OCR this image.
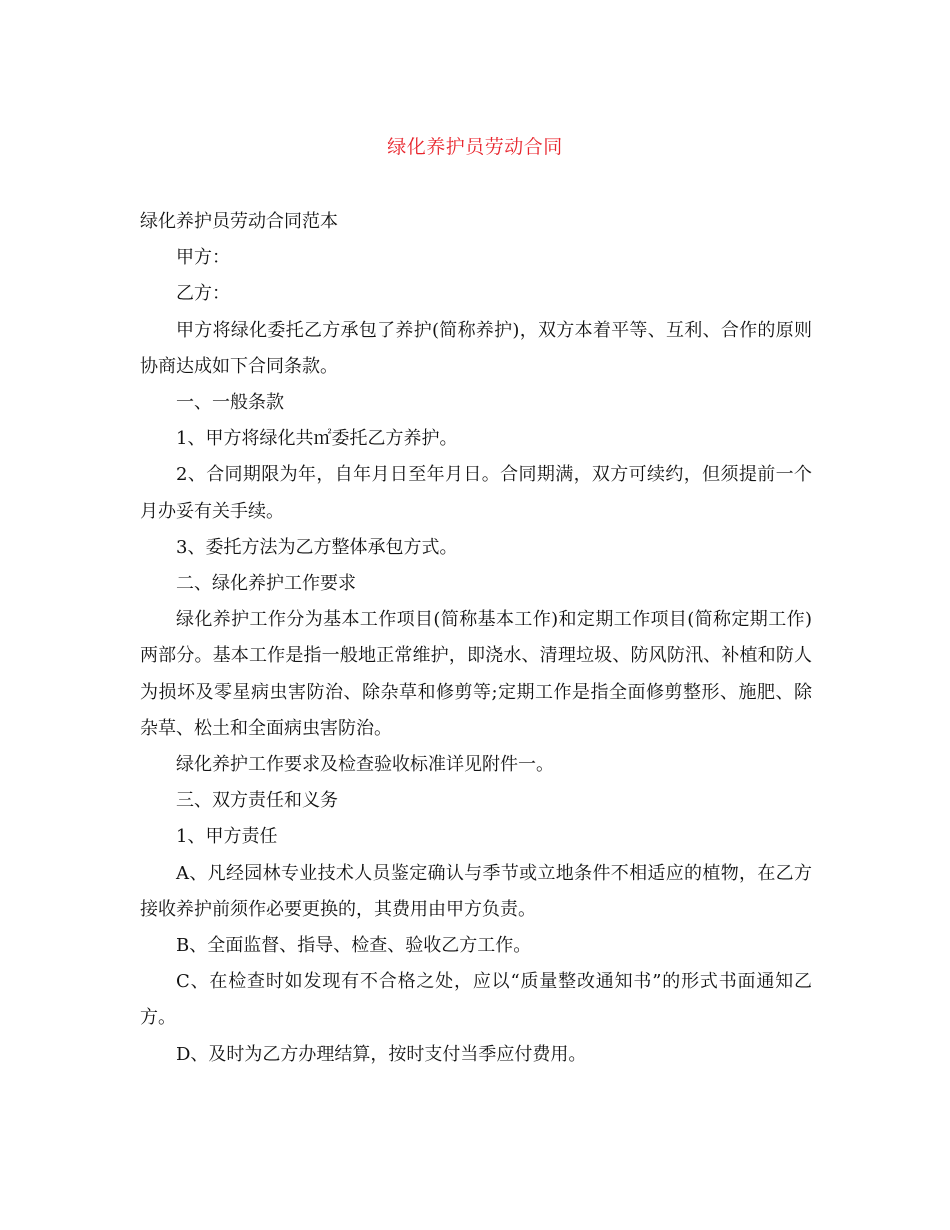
绿化养护员劳动合同

绿化养护员劳动合同范本

甲方：

乙方：

甲方将绿化委托乙方承包了养护(简称养护)，双方本着平等、互利、合作的原则协商达成如下合同条款。

一、一般条款

1、甲方将绿化共㎡委托乙方养护。

2、合同期限为年，自年月日至年月日。合同期满，双方可续约，但须提前一个月办妥有关手续。

3、委托方法为乙方整体承包方式。

二、绿化养护工作要求

绿化养护工作分为基本工作项目(简称基本工作)和定期工作项目(简称定期工作)两部分。基本工作是指一般地正常维护，即浇水、清理垃圾、防风防汛、补植和防人为损坏及零星病虫害防治、除杂草和修剪等;定期工作是指全面修剪整形、施肥、除杂草、松土和全面病虫害防治。

绿化养护工作要求及检查验收标准详见附件一。

三、双方责任和义务

1、甲方责任

A、凡经园林专业技术人员鉴定确认与季节或立地条件不相适应的植物，在乙方接收养护前须作必要更换的，其费用由甲方负责。

B、全面监督、指导、检查、验收乙方工作。

C、在检查时如发现有不合格之处，应以“质量整改通知书”的形式书面通知乙方。

D、及时为乙方办理结算，按时支付当季应付费用。
